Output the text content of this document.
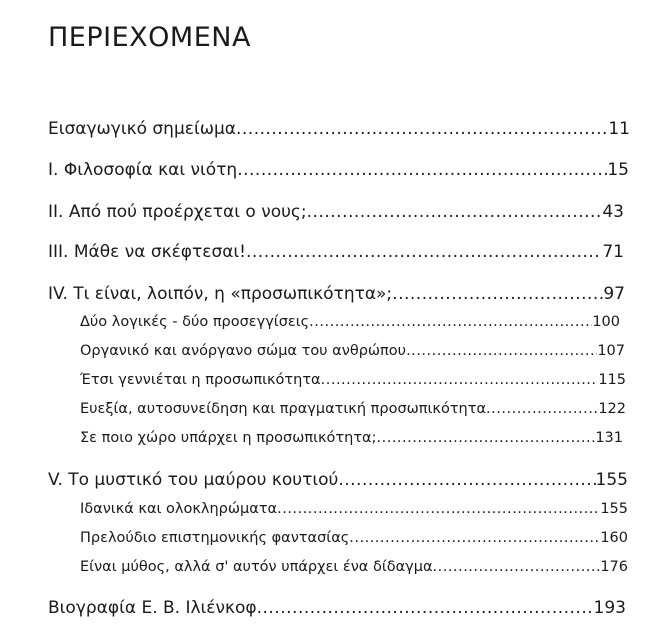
ΠΕΡΙΕΧΟΜΕΝΑ
Εισαγωγικό σημείωμα .....	11
I. Φιλοσοφία και νιότη .....	15
II. Από πού προέρχεται ο νους; .....	43
III. Μάθε να σκέφτεσαι! .....	71
IV. Τι είναι, λοιπόν, η «προσωπικότητα»; .....	97
Δύο λογικές - δύο προσεγγίσεις .....	100
Οργανικό και ανόργανο σώμα του ανθρώπου .....	107
Έτσι γεννιέται η προσωπικότητα .....	115
Ευεξία, αυτοσυνείδηση και πραγματική προσωπικότητα .....	122
Σε ποιο χώρο υπάρχει η προσωπικότητα; .....	131
V. Το μυστικό του μαύρου κουτιού .....	155
Ιδανικά και ολοκληρώματα .....	155
Πρελούδιο επιστημονικής φαντασίας .....	160
Είναι μύθος, αλλά σ' αυτόν υπάρχει ένα δίδαγμα .....	176
Βιογραφία Ε. Β. Ιλιένκοφ .....	193
